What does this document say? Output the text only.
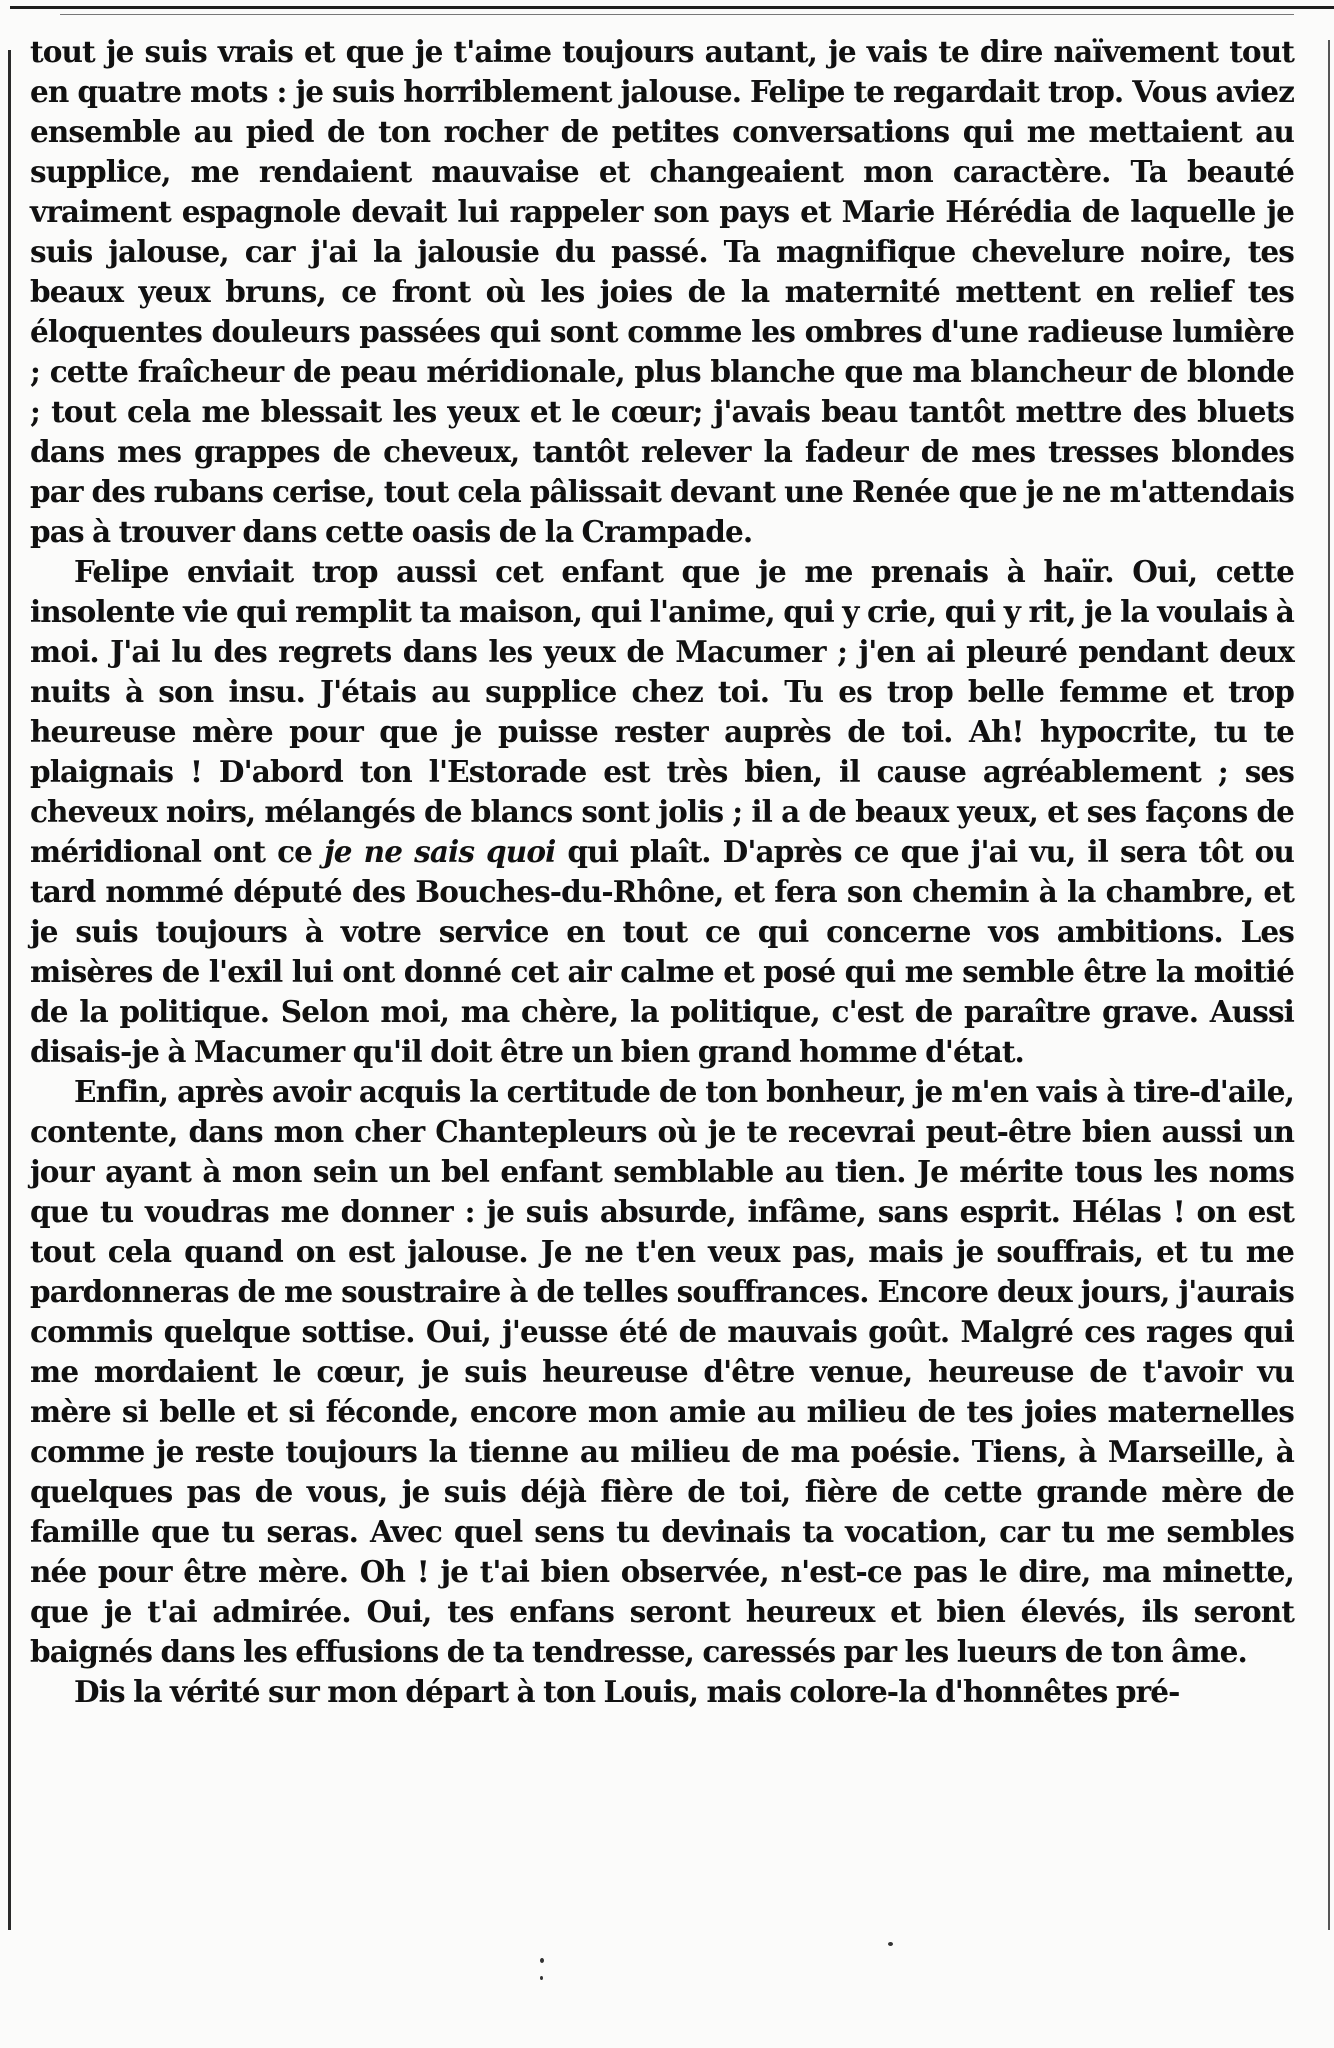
tout je suis vrais et que je t'aime toujours autant, je vais te dire naïvement tout en quatre mots : je suis horriblement jalouse. Felipe te regardait trop. Vous aviez ensemble au pied de ton rocher de petites conversations qui me mettaient au supplice, me rendaient mauvaise et changeaient mon caractère. Ta beauté vraiment espagnole devait lui rappeler son pays et Marie Hérédia de laquelle je suis jalouse, car j'ai la jalousie du passé. Ta magnifique chevelure noire, tes beaux yeux bruns, ce front où les joies de la maternité mettent en relief tes éloquentes douleurs passées qui sont comme les ombres d'une radieuse lumière ; cette fraîcheur de peau méridionale, plus blanche que ma blancheur de blonde ; tout cela me blessait les yeux et le cœur; j'avais beau tantôt mettre des bluets dans mes grappes de cheveux, tantôt relever la fadeur de mes tresses blondes par des rubans cerise, tout cela pâlissait devant une Renée que je ne m'attendais pas à trouver dans cette oasis de la Crampade.

Felipe enviait trop aussi cet enfant que je me prenais à haïr. Oui, cette insolente vie qui remplit ta maison, qui l'anime, qui y crie, qui y rit, je la voulais à moi. J'ai lu des regrets dans les yeux de Macumer ; j'en ai pleuré pendant deux nuits à son insu. J'étais au supplice chez toi. Tu es trop belle femme et trop heureuse mère pour que je puisse rester auprès de toi. Ah! hypocrite, tu te plaignais ! D'abord ton l'Estorade est très bien, il cause agréablement ; ses cheveux noirs, mélangés de blancs sont jolis ; il a de beaux yeux, et ses façons de méridional ont ce je ne sais quoi qui plaît. D'après ce que j'ai vu, il sera tôt ou tard nommé député des Bouches-du-Rhône, et fera son chemin à la chambre, et je suis toujours à votre service en tout ce qui concerne vos ambitions. Les misères de l'exil lui ont donné cet air calme et posé qui me semble être la moitié de la politique. Selon moi, ma chère, la politique, c'est de paraître grave. Aussi disais-je à Macumer qu'il doit être un bien grand homme d'état.

Enfin, après avoir acquis la certitude de ton bonheur, je m'en vais à tire-d'aile, contente, dans mon cher Chantepleurs où je te recevrai peut-être bien aussi un jour ayant à mon sein un bel enfant semblable au tien. Je mérite tous les noms que tu voudras me donner : je suis absurde, infâme, sans esprit. Hélas ! on est tout cela quand on est jalouse. Je ne t'en veux pas, mais je souffrais, et tu me pardonneras de me soustraire à de telles souffrances. Encore deux jours, j'aurais commis quelque sottise. Oui, j'eusse été de mauvais goût. Malgré ces rages qui me mordaient le cœur, je suis heureuse d'être venue, heureuse de t'avoir vu mère si belle et si féconde, encore mon amie au milieu de tes joies maternelles comme je reste toujours la tienne au milieu de ma poésie. Tiens, à Marseille, à quelques pas de vous, je suis déjà fière de toi, fière de cette grande mère de famille que tu seras. Avec quel sens tu devinais ta vocation, car tu me sembles née pour être mère. Oh ! je t'ai bien observée, n'est-ce pas le dire, ma minette, que je t'ai admirée. Oui, tes enfans seront heureux et bien élevés, ils seront baignés dans les effusions de ta tendresse, caressés par les lueurs de ton âme.

Dis la vérité sur mon départ à ton Louis, mais colore-la d'honnêtes pré-
